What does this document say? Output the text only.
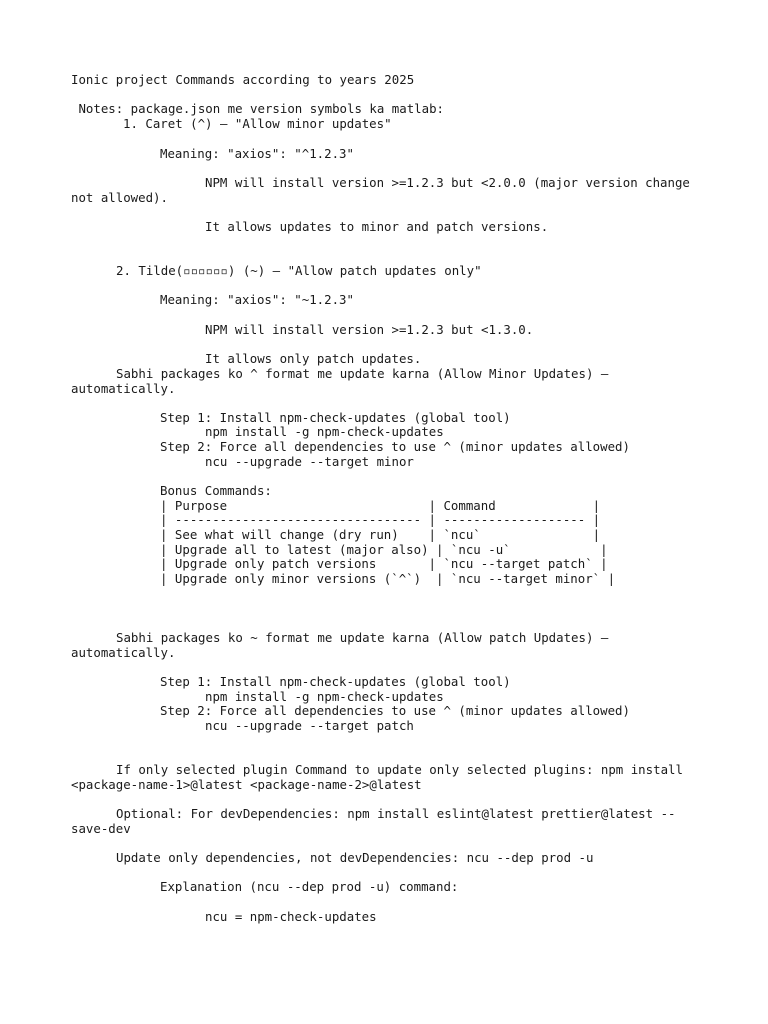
Ionic project Commands according to years 2025
Notes: package.json me version symbols ka matlab:
1. Caret (^) — "Allow minor updates"
Meaning: "axios": "^1.2.3"
NPM will install version >=1.2.3 but <2.0.0 (major version change
not allowed).
It allows updates to minor and patch versions.
2. Tilde(▫▫▫▫▫▫) (~) — "Allow patch updates only"
Meaning: "axios": "~1.2.3"
NPM will install version >=1.2.3 but <1.3.0.
It allows only patch updates.
Sabhi packages ko ^ format me update karna (Allow Minor Updates) —
automatically.
Step 1: Install npm-check-updates (global tool)
npm install -g npm-check-updates
Step 2: Force all dependencies to use ^ (minor updates allowed)
ncu --upgrade --target minor
Bonus Commands:
| Purpose                           | Command             |
| --------------------------------- | ------------------- |
| See what will change (dry run)    | `ncu`               |
| Upgrade all to latest (major also) | `ncu -u`            |
| Upgrade only patch versions       | `ncu --target patch` |
| Upgrade only minor versions (`^`)  | `ncu --target minor` |
Sabhi packages ko ~ format me update karna (Allow patch Updates) —
automatically.
Step 1: Install npm-check-updates (global tool)
npm install -g npm-check-updates
Step 2: Force all dependencies to use ^ (minor updates allowed)
ncu --upgrade --target patch
If only selected plugin Command to update only selected plugins: npm install
<package-name-1>@latest <package-name-2>@latest
Optional: For devDependencies: npm install eslint@latest prettier@latest --
save-dev
Update only dependencies, not devDependencies: ncu --dep prod -u
Explanation (ncu --dep prod -u) command:
ncu = npm-check-updates
